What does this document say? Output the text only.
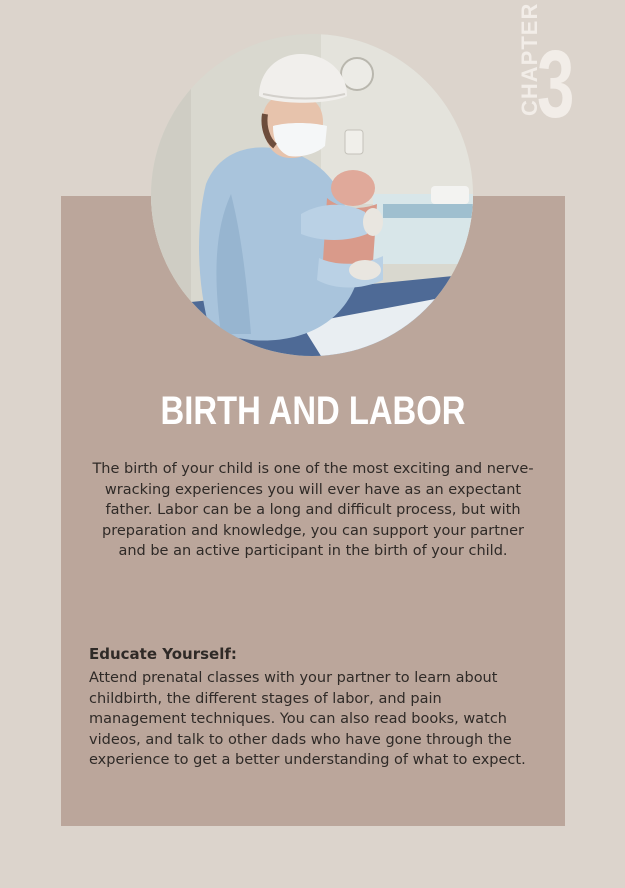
CHAPTER
3
BIRTH AND LABOR
The birth of your child is one of the most exciting and nerve-wracking experiences you will ever have as an expectant father. Labor can be a long and difficult process, but with preparation and knowledge, you can support your partner and be an active participant in the birth of your child.
Educate Yourself:
Attend prenatal classes with your partner to learn about childbirth, the different stages of labor, and pain management techniques. You can also read books, watch videos, and talk to other dads who have gone through the experience to get a better understanding of what to expect.
